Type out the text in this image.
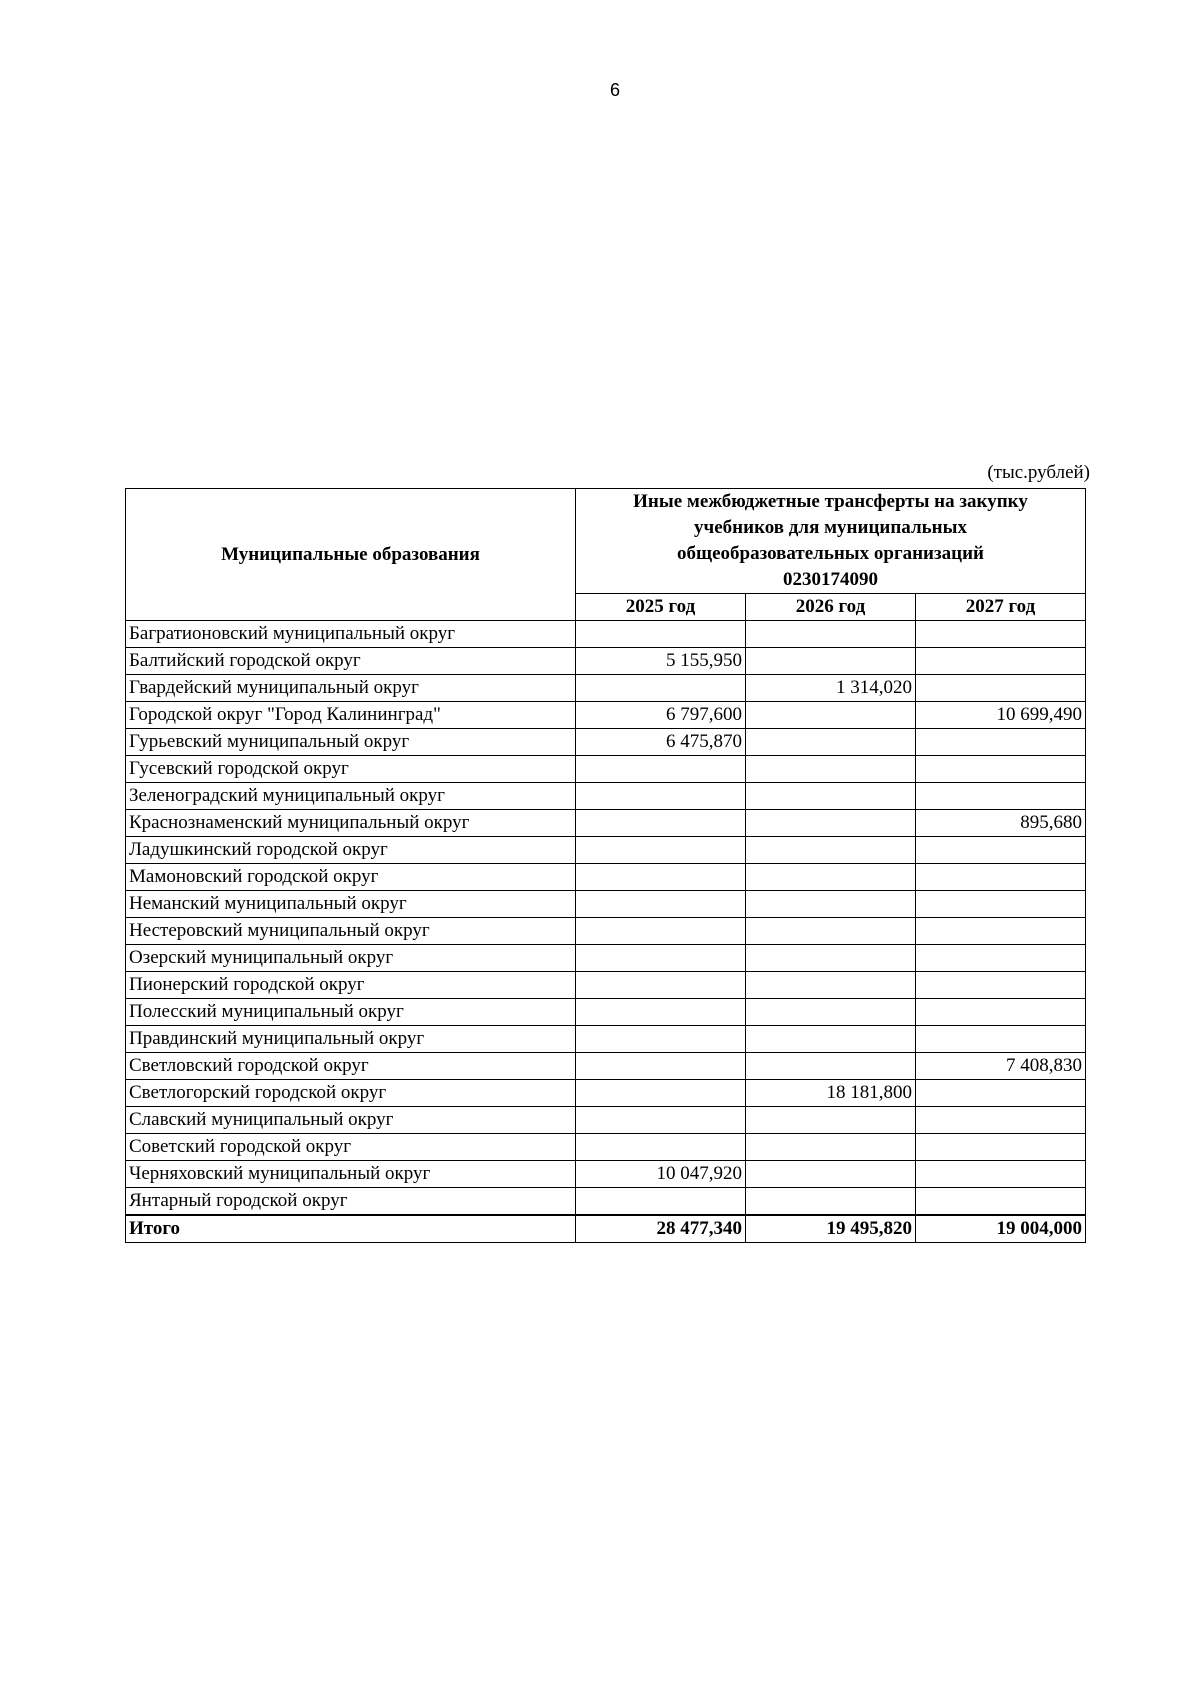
6
(тыс.рублей)
Муниципальные образования	Иные межбюджетные трансферты на закупку
учебников для муниципальных
общеобразовательных организаций
0230174090		

	2025 год	2026 год	2027 год
Багратионовский муниципальный округ			
Балтийский городской округ	5 155,950		
Гвардейский муниципальный округ		1 314,020	
Городской округ "Город Калининград"	6 797,600		10 699,490
Гурьевский муниципальный округ	6 475,870		
Гусевский городской округ			
Зеленоградский муниципальный округ			
Краснознаменский муниципальный округ			895,680
Ладушкинский городской округ			
Мамоновский городской округ			
Неманский муниципальный округ			
Нестеровский муниципальный округ			
Озерский муниципальный округ			
Пионерский городской округ			
Полесский муниципальный округ			
Правдинский муниципальный округ			
Светловский городской округ			7 408,830
Светлогорский городской округ		18 181,800	
Славский муниципальный округ			
Советский городской округ			
Черняховский муниципальный округ	10 047,920		
Янтарный городской округ			
Итого	28 477,340	19 495,820	19 004,000
